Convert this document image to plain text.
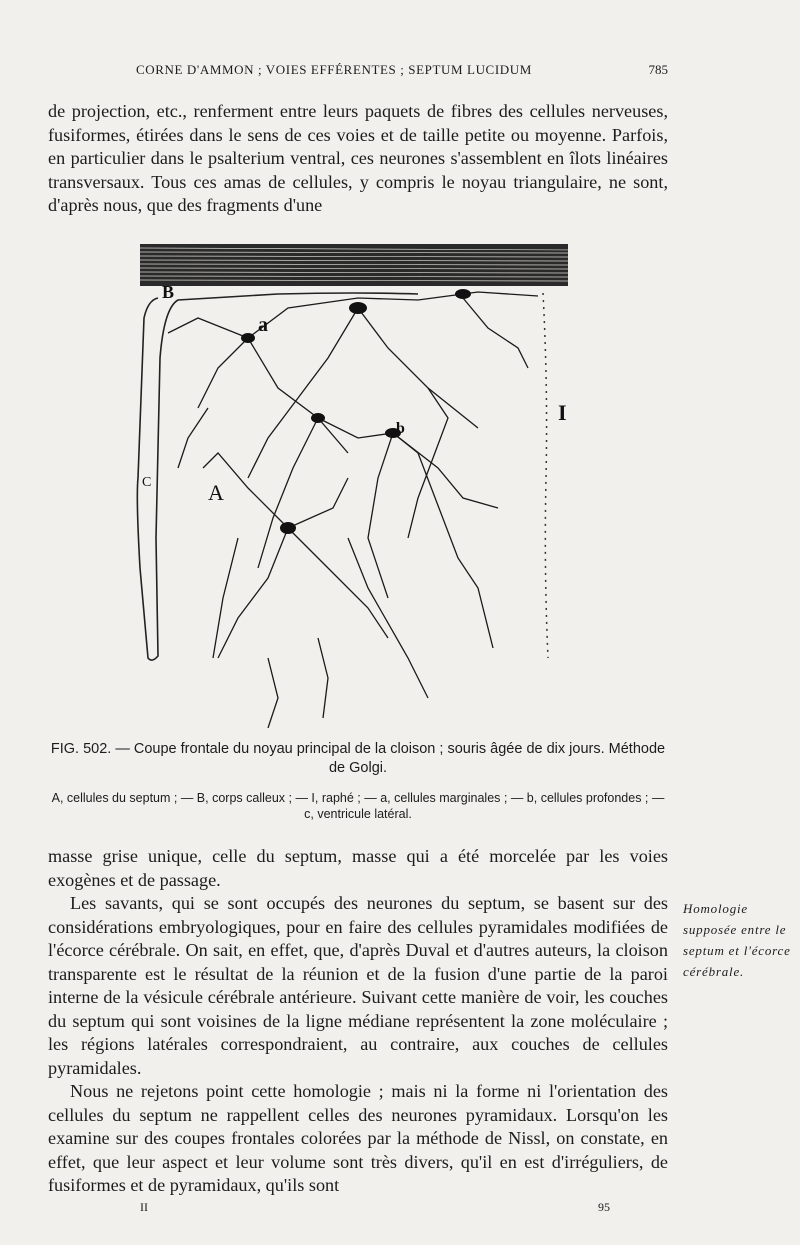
CORNE D'AMMON ; VOIES EFFÉRENTES ; SEPTUM LUCIDUM	785

de projection, etc., renferment entre leurs paquets de fibres des cellules nerveuses, fusiformes, étirées dans le sens de ces voies et de taille petite ou moyenne. Parfois, en particulier dans le psalterium ventral, ces neurones s'assemblent en îlots linéaires transversaux. Tous ces amas de cellules, y compris le noyau triangulaire, ne sont, d'après nous, que des fragments d'une

B
a
b
C	A
I
FIG. 502. — Coupe frontale du noyau principal de la cloison ; souris âgée de dix jours. Méthode de Golgi.
A, cellules du septum ; — B, corps calleux ; — I, raphé ; — a, cellules marginales ; — b, cellules profondes ; — c, ventricule latéral.

masse grise unique, celle du septum, masse qui a été morcelée par les voies exogènes et de passage.

Les savants, qui se sont occupés des neurones du septum, se basent sur des considérations embryologiques, pour en faire des cellules pyramidales modifiées de l'écorce cérébrale. On sait, en effet, que, d'après Duval et d'autres auteurs, la cloison transparente est le résultat de la réunion et de la fusion d'une partie de la paroi interne de la vésicule cérébrale antérieure. Suivant cette manière de voir, les couches du septum qui sont voisines de la ligne médiane représentent la zone moléculaire ; les régions latérales correspondraient, au contraire, aux couches de cellules pyramidales.

Nous ne rejetons point cette homologie ; mais ni la forme ni l'orientation des cellules du septum ne rappellent celles des neurones pyramidaux. Lorsqu'on les examine sur des coupes frontales colorées par la méthode de Nissl, on constate, en effet, que leur aspect et leur volume sont très divers, qu'il en est d'irréguliers, de fusiformes et de pyramidaux, qu'ils sont

Homologie supposée entre le septum et l'écorce cérébrale.
II	95
